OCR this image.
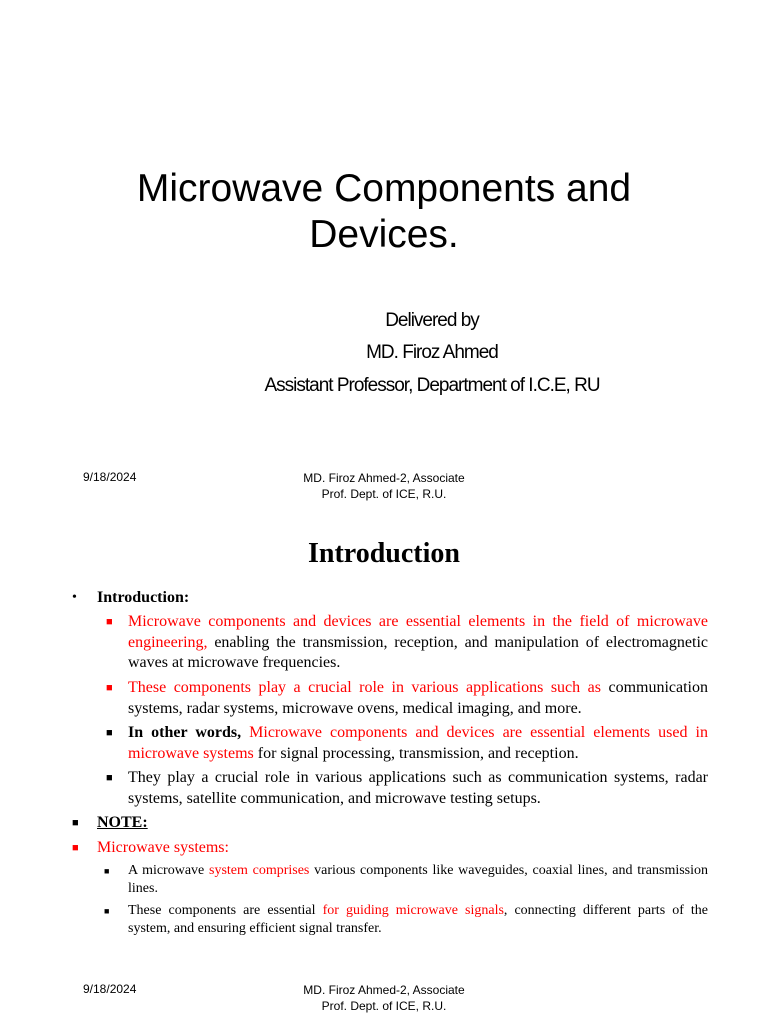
Microwave Components and
Devices.
Delivered by
MD. Firoz Ahmed
Assistant Professor, Department of I.C.E, RU
9/18/2024	MD. Firoz Ahmed-2, Associate
Prof. Dept. of ICE, R.U.
Introduction
• Introduction:
■ Microwave components and devices are essential elements in the field of microwave engineering, enabling the transmission, reception, and manipulation of electromagnetic waves at microwave frequencies.
■ These components play a crucial role in various applications such as communication systems, radar systems, microwave ovens, medical imaging, and more.
■ In other words, Microwave components and devices are essential elements used in microwave systems for signal processing, transmission, and reception.
■ They play a crucial role in various applications such as communication systems, radar systems, satellite communication, and microwave testing setups.
■ NOTE:
■ Microwave systems:
■ A microwave system comprises various components like waveguides, coaxial lines, and transmission lines.
■ These components are essential for guiding microwave signals, connecting different parts of the system, and ensuring efficient signal transfer.
9/18/2024	MD. Firoz Ahmed-2, Associate
Prof. Dept. of ICE, R.U.
